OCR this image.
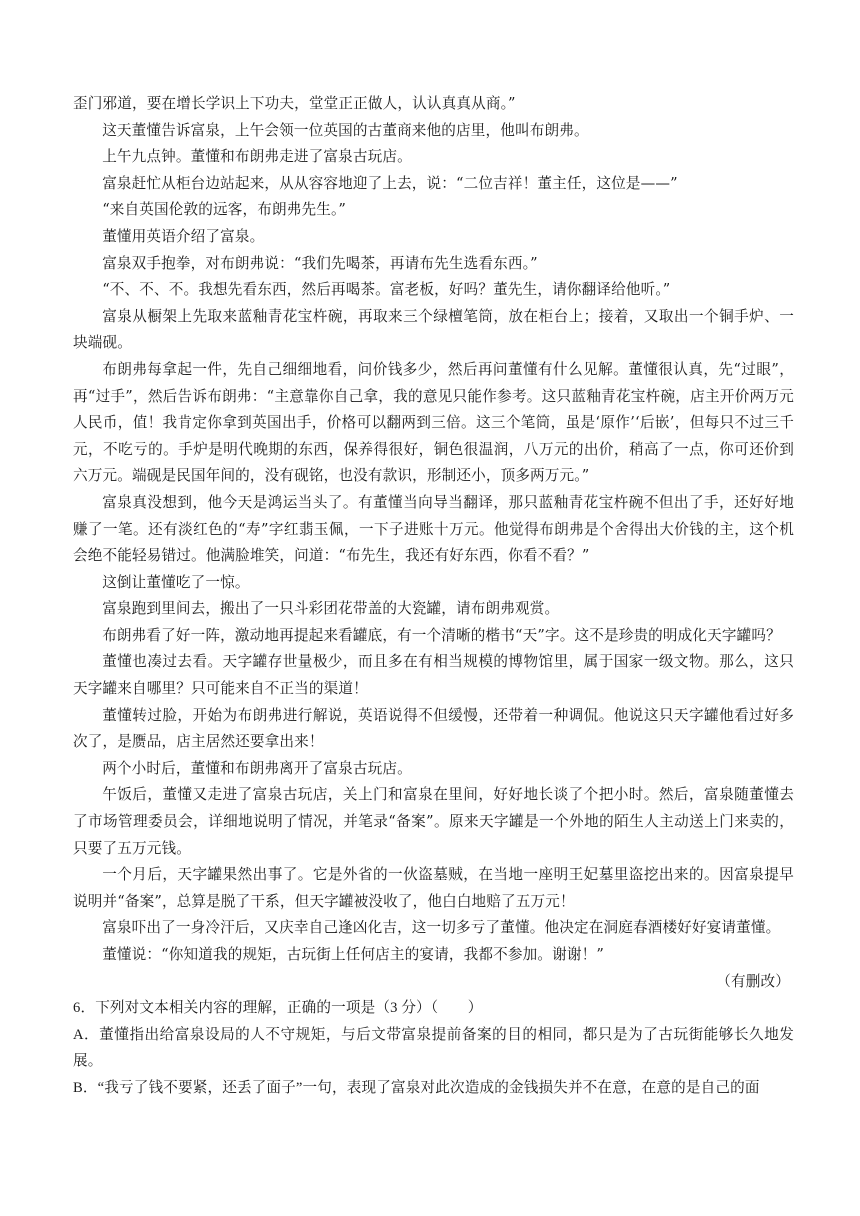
歪门邪道，要在增长学识上下功夫，堂堂正正做人，认认真真从商。”

这天董懂告诉富泉，上午会领一位英国的古董商来他的店里，他叫布朗弗。

上午九点钟。董懂和布朗弗走进了富泉古玩店。

富泉赶忙从柜台边站起来，从从容容地迎了上去，说：“二位吉祥！董主任，这位是——”

“来自英国伦敦的远客，布朗弗先生。”

董懂用英语介绍了富泉。

富泉双手抱拳，对布朗弗说：“我们先喝茶，再请布先生选看东西。”

“不、不、不。我想先看东西，然后再喝茶。富老板，好吗？董先生，请你翻译给他听。”

富泉从橱架上先取来蓝釉青花宝杵碗，再取来三个绿檀笔筒，放在柜台上；接着，又取出一个铜手炉、一块端砚。

布朗弗每拿起一件，先自己细细地看，问价钱多少，然后再问董懂有什么见解。董懂很认真，先“过眼”，再“过手”，然后告诉布朗弗：“主意靠你自己拿，我的意见只能作参考。这只蓝釉青花宝杵碗，店主开价两万元人民币，值！我肯定你拿到英国出手，价格可以翻两到三倍。这三个笔筒，虽是‘原作’‘后嵌’，但每只不过三千元，不吃亏的。手炉是明代晚期的东西，保养得很好，铜色很温润，八万元的出价，稍高了一点，你可还价到六万元。端砚是民国年间的，没有砚铭，也没有款识，形制还小，顶多两万元。”

富泉真没想到，他今天是鸿运当头了。有董懂当向导当翻译，那只蓝釉青花宝杵碗不但出了手，还好好地赚了一笔。还有淡红色的“寿”字红翡玉佩，一下子进账十万元。他觉得布朗弗是个舍得出大价钱的主，这个机会绝不能轻易错过。他满脸堆笑，问道：“布先生，我还有好东西，你看不看？”

这倒让董懂吃了一惊。

富泉跑到里间去，搬出了一只斗彩团花带盖的大瓷罐，请布朗弗观赏。

布朗弗看了好一阵，激动地再提起来看罐底，有一个清晰的楷书“天”字。这不是珍贵的明成化天字罐吗？

董懂也凑过去看。天字罐存世量极少，而且多在有相当规模的博物馆里，属于国家一级文物。那么，这只天字罐来自哪里？只可能来自不正当的渠道！

董懂转过脸，开始为布朗弗进行解说，英语说得不但缓慢，还带着一种调侃。他说这只天字罐他看过好多次了，是赝品，店主居然还要拿出来！

两个小时后，董懂和布朗弗离开了富泉古玩店。

午饭后，董懂又走进了富泉古玩店，关上门和富泉在里间，好好地长谈了个把小时。然后，富泉随董懂去了市场管理委员会，详细地说明了情况，并笔录“备案”。原来天字罐是一个外地的陌生人主动送上门来卖的，只要了五万元钱。

一个月后，天字罐果然出事了。它是外省的一伙盗墓贼，在当地一座明王妃墓里盗挖出来的。因富泉提早说明并“备案”，总算是脱了干系，但天字罐被没收了，他白白地赔了五万元！

富泉吓出了一身冷汗后，又庆幸自己逢凶化吉，这一切多亏了董懂。他决定在洞庭春酒楼好好宴请董懂。

董懂说：“你知道我的规矩，古玩街上任何店主的宴请，我都不参加。谢谢！”

（有删改）

6．下列对文本相关内容的理解，正确的一项是（3 分）（　　）

A．董懂指出给富泉设局的人不守规矩，与后文带富泉提前备案的目的相同，都只是为了古玩街能够长久地发展。

B．“我亏了钱不要紧，还丢了面子”一句，表现了富泉对此次造成的金钱损失并不在意，在意的是自己的面
